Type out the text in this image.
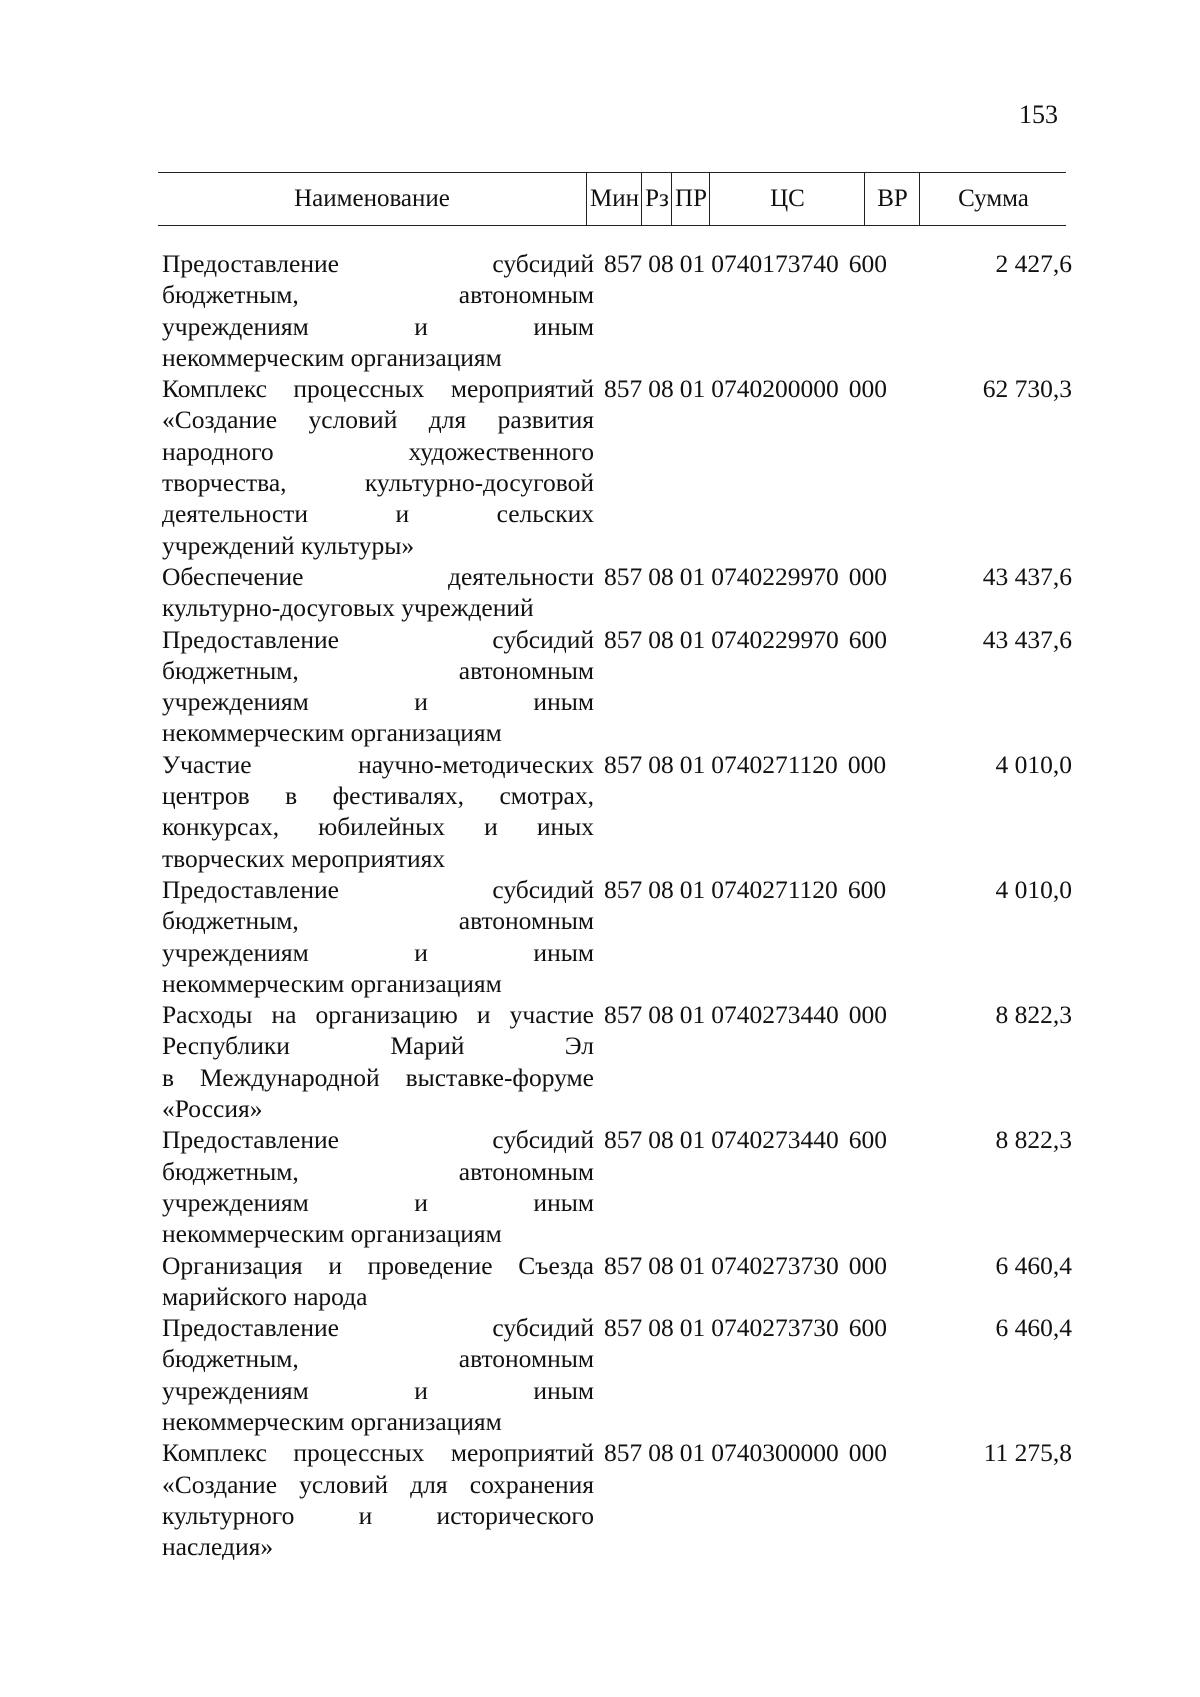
153
Наименование	Мин Рз ПР	ЦС	ВР	Сумма
Предоставление субсидий
бюджетным, автономным
учреждениям и иным
некоммерческим организациям
857 08 01 0740173740 600	2 427,6
Комплекс процессных мероприятий
«Создание условий для развития
народного художественного
творчества, культурно-досуговой
деятельности и сельских
учреждений культуры»
857 08 01 0740200000 000	62 730,3
Обеспечение деятельности
культурно-досуговых учреждений
857 08 01 0740229970 000	43 437,6
Предоставление субсидий
бюджетным, автономным
учреждениям и иным
некоммерческим организациям
857 08 01 0740229970 600	43 437,6
Участие научно-методических
центров в фестивалях, смотрах,
конкурсах, юбилейных и иных
творческих мероприятиях
857 08 01 0740271120 000	4 010,0
Предоставление субсидий
бюджетным, автономным
учреждениям и иным
некоммерческим организациям
857 08 01 0740271120 600	4 010,0
Расходы на организацию и участие
Республики Марий Эл
в Международной выставке-форуме
«Россия»
857 08 01 0740273440 000	8 822,3
Предоставление субсидий
бюджетным, автономным
учреждениям и иным
некоммерческим организациям
857 08 01 0740273440 600	8 822,3
Организация и проведение Съезда
марийского народа
857 08 01 0740273730 000	6 460,4
Предоставление субсидий
бюджетным, автономным
учреждениям и иным
некоммерческим организациям
857 08 01 0740273730 600	6 460,4
Комплекс процессных мероприятий
«Создание условий для сохранения
культурного и исторического
наследия»
857 08 01 0740300000 000	11 275,8
